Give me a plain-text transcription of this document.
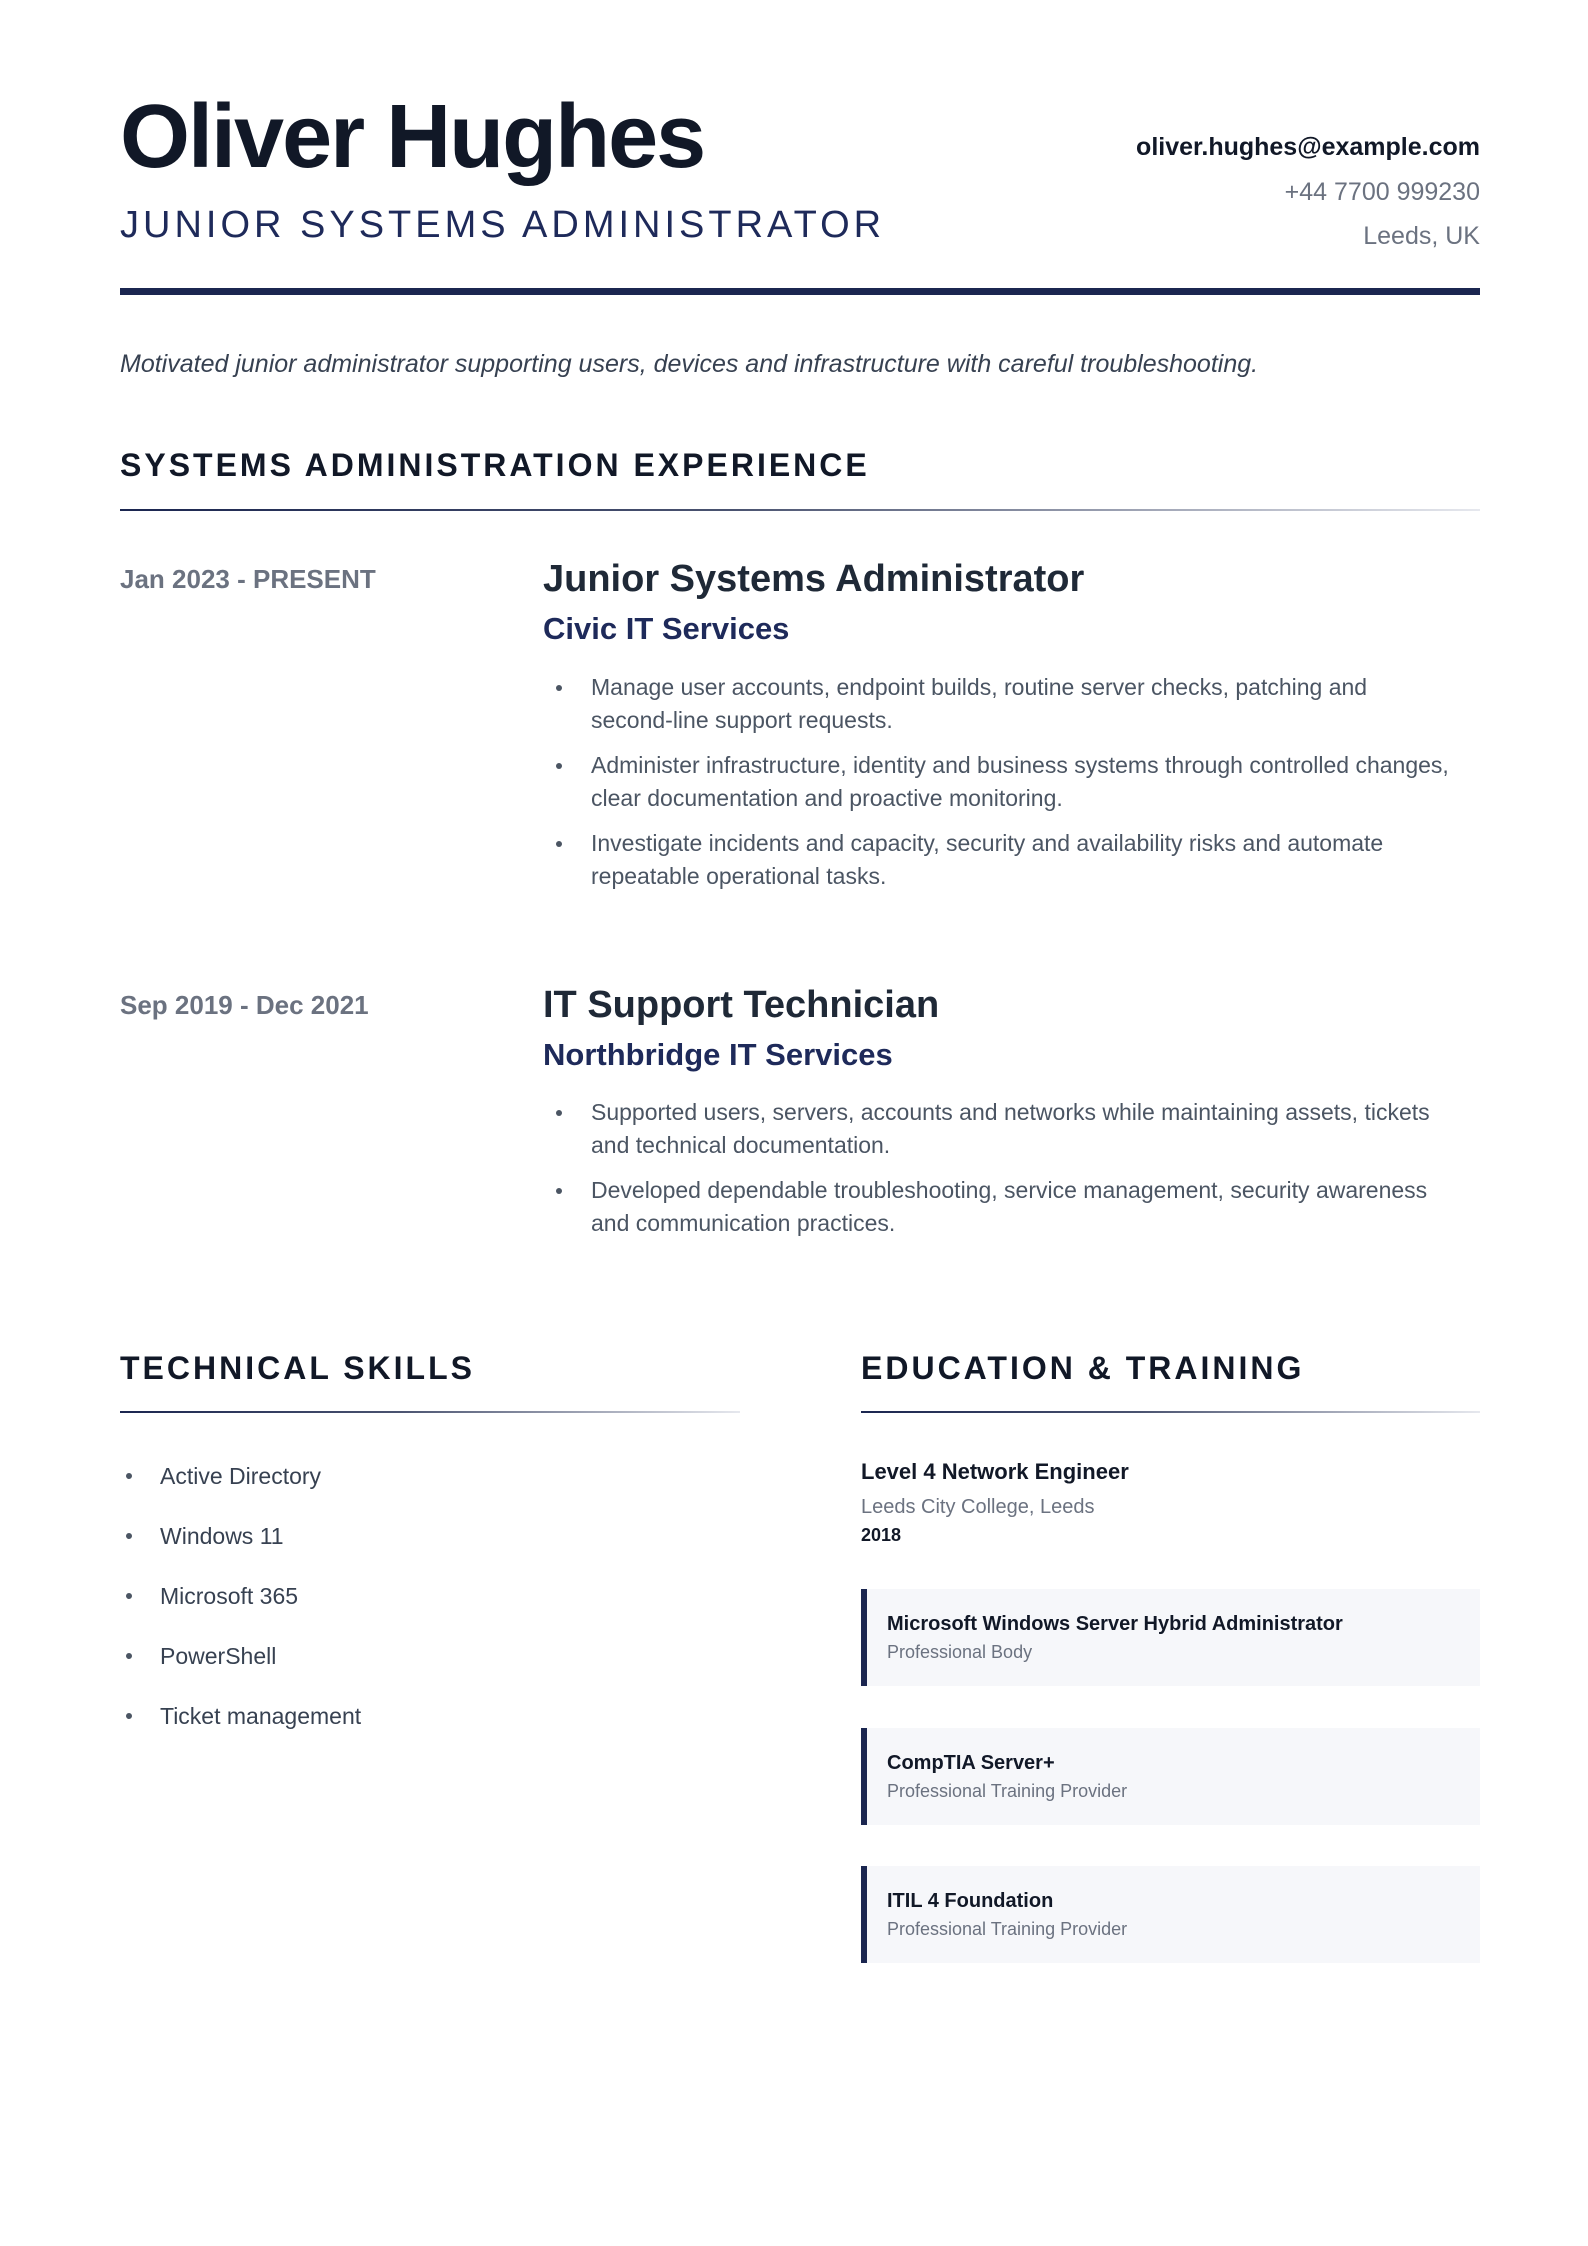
Oliver Hughes
JUNIOR SYSTEMS ADMINISTRATOR
oliver.hughes@example.com
+44 7700 999230
Leeds, UK
Motivated junior administrator supporting users, devices and infrastructure with careful troubleshooting.
SYSTEMS ADMINISTRATION EXPERIENCE
Jan 2023 - PRESENT	Junior Systems Administrator
Civic IT Services
Manage user accounts, endpoint builds, routine server checks, patching and second-line support requests.
Administer infrastructure, identity and business systems through controlled changes, clear documentation and proactive monitoring.
Investigate incidents and capacity, security and availability risks and automate repeatable operational tasks.
Sep 2019 - Dec 2021	IT Support Technician
Northbridge IT Services
Supported users, servers, accounts and networks while maintaining assets, tickets and technical documentation.
Developed dependable troubleshooting, service management, security awareness and communication practices.
TECHNICAL SKILLS
Active Directory
Windows 11
Microsoft 365
PowerShell
Ticket management
EDUCATION & TRAINING
Level 4 Network Engineer
Leeds City College, Leeds
2018
Microsoft Windows Server Hybrid Administrator
Professional Body
CompTIA Server+
Professional Training Provider
ITIL 4 Foundation
Professional Training Provider
